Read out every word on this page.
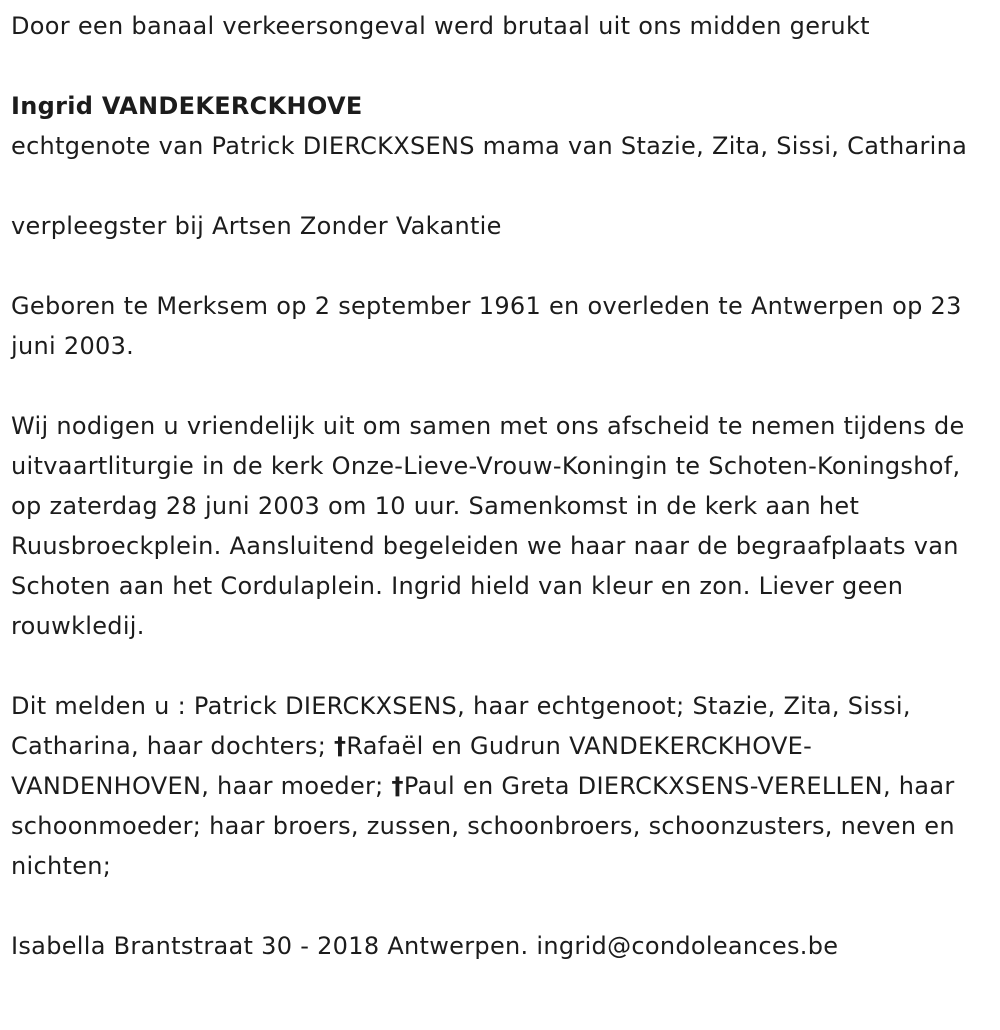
Door een banaal verkeersongeval werd brutaal uit ons midden gerukt

Ingrid VANDEKERCKHOVE

echtgenote van Patrick DIERCKXSENS mama van Stazie, Zita, Sissi, Catharina

verpleegster bij Artsen Zonder Vakantie

Geboren te Merksem op 2 september 1961 en overleden te Antwerpen op 23 juni 2003.

Wij nodigen u vriendelijk uit om samen met ons afscheid te nemen tijdens de uitvaartliturgie in de kerk Onze-Lieve-Vrouw-Koningin te Schoten-Koningshof, op zaterdag 28 juni 2003 om 10 uur. Samenkomst in de kerk aan het Ruusbroeckplein. Aansluitend begeleiden we haar naar de begraafplaats van Schoten aan het Cordulaplein. Ingrid hield van kleur en zon. Liever geen rouwkledij.

Dit melden u : Patrick DIERCKXSENS, haar echtgenoot; Stazie, Zita, Sissi, Catharina, haar dochters; †Rafaël en Gudrun VANDEKERCKHOVE-VANDENHOVEN, haar moeder; †Paul en Greta DIERCKXSENS-VERELLEN, haar schoonmoeder; haar broers, zussen, schoonbroers, schoonzusters, neven en nichten;

Isabella Brantstraat 30 - 2018 Antwerpen. ingrid@condoleances.be
